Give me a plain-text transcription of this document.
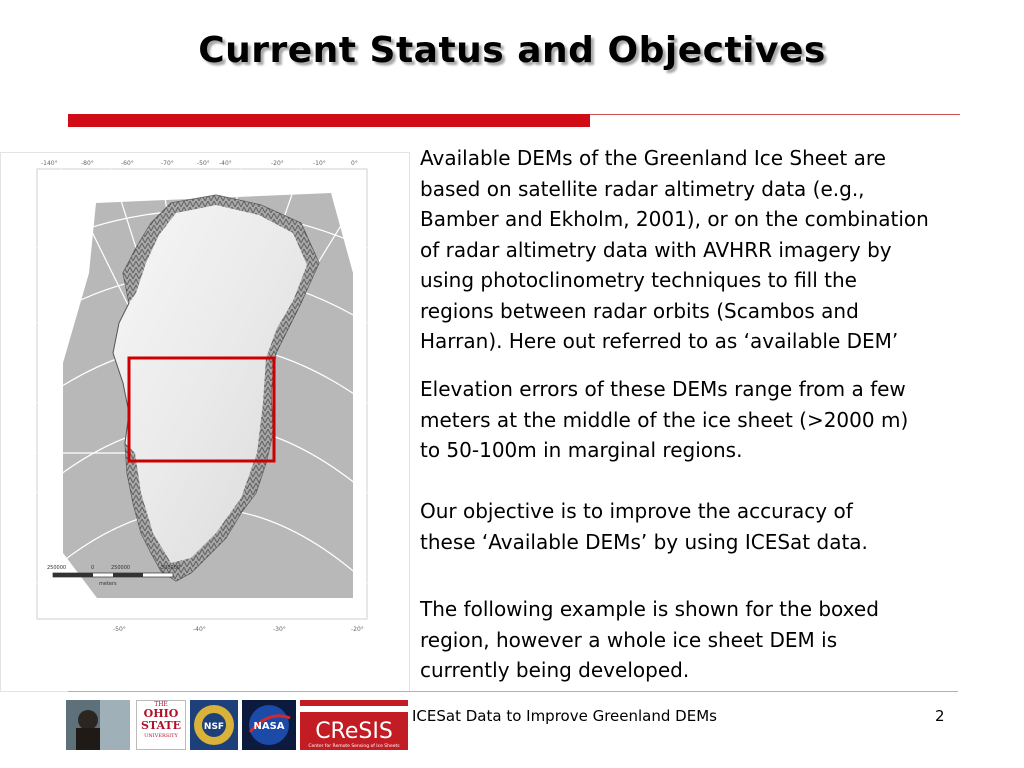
Current Status and Objectives
-140°	-80°	-60°	-70°	-50° -40°	-20°	-10°	0°
-50°	-40°	-30°	-20°
250000	0	250000	500000
meters

Available DEMs of the Greenland Ice Sheet are
based on satellite radar altimetry data (e.g.,
Bamber and Ekholm, 2001), or on the combination
of radar altimetry data with AVHRR imagery by
using photoclinometry techniques to fill the
regions between radar orbits (Scambos and
Harran). Here out referred to as ‘available DEM’

Elevation errors of these DEMs range from a few
meters at the middle of the ice sheet (>2000 m)
to 50-100m in marginal regions.

Our objective is to improve the accuracy of
these ‘Available DEMs’ by using ICESat data.

The following example is shown for the boxed
region, however a whole ice sheet DEM is
currently being developed.

THE
OHIO
STATE
UNIVERSITY
NSF	NASA CReSIS
Center for Remote Sensing of Ice Sheets
ICESat Data to Improve Greenland DEMs	2
